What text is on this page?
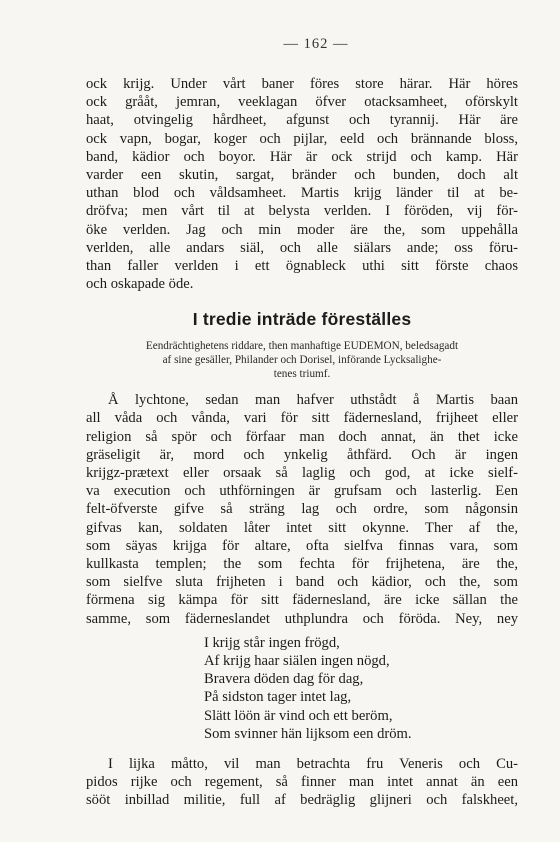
— 162 —
ock krijg. Under vårt baner föres store härar. Här höres
ock grååt, jemran, veeklagan öfver otacksamheet, oförskylt
haat, otvingelig hårdheet, afgunst och tyrannij. Här äre
ock vapn, bogar, koger och pijlar, eeld och brännande bloss,
band, kädior och boyor. Här är ock strijd och kamp. Här
varder een skutin, sargat, bränder och bunden, doch alt
uthan blod och våldsamheet. Martis krijg länder til at be-
dröfva; men vårt til at belysta verlden. I föröden, vij för-
öke verlden. Jag och min moder äre the, som uppehålla
verlden, alle andars siäl, och alle siälars ande; oss föru-
than faller verlden i ett ögnableck uthi sitt förste chaos
och oskapade öde.
I tredie inträde föreställes
Eendrächtighetens riddare, then manhaftige EUDEMON, beledsagadt
af sine gesäller, Philander och Dorisel, införande Lycksalighe-
tenes triumf.
Å lychtone, sedan man hafver uthstådt å Martis baan
all våda och vånda, vari för sitt fädernesland, frijheet eller
religion så spör och förfaar man doch annat, än thet icke
gräseligit är, mord och ynkelig åthfärd. Och är ingen
krijgz-prætext eller orsaak så laglig och god, at icke sielf-
va execution och uthförningen är grufsam och lasterlig. Een
felt-öfverste gifve så sträng lag och ordre, som någonsin
gifvas kan, soldaten låter intet sitt okynne. Ther af the,
som säyas krijga för altare, ofta sielfva finnas vara, som
kullkasta templen; the som fechta för frijhetena, äre the,
som sielfve sluta frijheten i band och kädior, och the, som
förmena sig kämpa för sitt fädernesland, äre icke sällan the
samme, som fäderneslandet uthplundra och föröda. Ney, ney
I krijg står ingen frögd,
Af krijg haar siälen ingen nögd,
Bravera döden dag för dag,
På sidston tager intet lag,
Slätt löön är vind och ett beröm,
Som svinner hän lijksom een dröm.
I lijka måtto, vil man betrachta fru Veneris och Cu-
pidos rijke och regement, så finner man intet annat än een
sööt inbillad militie, full af bedräglig glijneri och falskheet,
